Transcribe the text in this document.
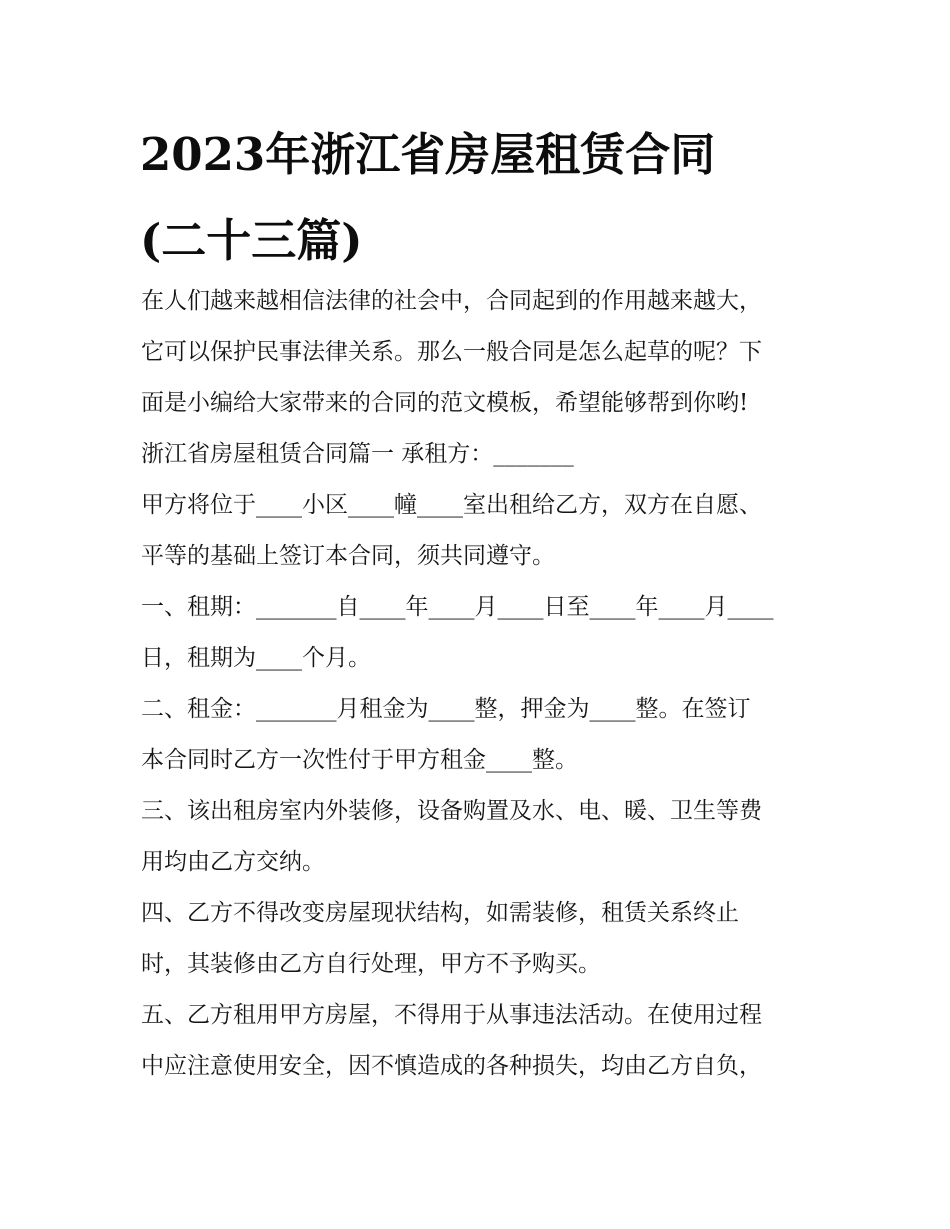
2023年浙江省房屋租赁合同
(二十三篇)
在人们越来越相信法律的社会中，合同起到的作用越来越大，
它可以保护民事法律关系。那么一般合同是怎么起草的呢？下
面是小编给大家带来的合同的范文模板，希望能够帮到你哟!
浙江省房屋租赁合同篇一 承租方：_______
甲方将位于____小区____幢____室出租给乙方，双方在自愿、
平等的基础上签订本合同，须共同遵守。
一、租期：_______自____年____月____日至____年____月____
日，租期为____个月。
二、租金：_______月租金为____整，押金为____整。在签订
本合同时乙方一次性付于甲方租金____整。
三、该出租房室内外装修，设备购置及水、电、暖、卫生等费
用均由乙方交纳。
四、乙方不得改变房屋现状结构，如需装修，租赁关系终止
时，其装修由乙方自行处理，甲方不予购买。
五、乙方租用甲方房屋，不得用于从事违法活动。在使用过程
中应注意使用安全，因不慎造成的各种损失，均由乙方自负，
